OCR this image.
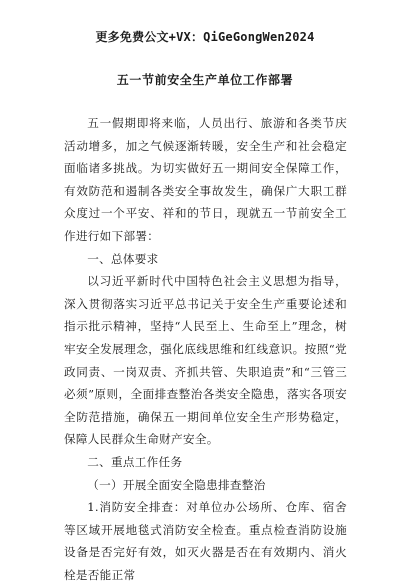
更多免费公文+VX：QiGeGongWen2024
五一节前安全生产单位工作部署

五一假期即将来临，人员出行、旅游和各类节庆活动增多，加之气候逐渐转暖，安全生产和社会稳定面临诸多挑战。为切实做好五一期间安全保障工作，有效防范和遏制各类安全事故发生，确保广大职工群众度过一个平安、祥和的节日，现就五一节前安全工作进行如下部署：

一、总体要求

以习近平新时代中国特色社会主义思想为指导，深入贯彻落实习近平总书记关于安全生产重要论述和指示批示精神，坚持“人民至上、生命至上”理念，树牢安全发展理念，强化底线思维和红线意识。按照“党政同责、一岗双责、齐抓共管、失职追责”和“三管三必须”原则，全面排查整治各类安全隐患，落实各项安全防范措施，确保五一期间单位安全生产形势稳定，保障人民群众生命财产安全。

二、重点工作任务

（一）开展全面安全隐患排查整治

1.消防安全排查：对单位办公场所、仓库、宿舍等区域开展地毯式消防安全检查。重点检查消防设施设备是否完好有效，如灭火器是否在有效期内、消火栓是否能正常
